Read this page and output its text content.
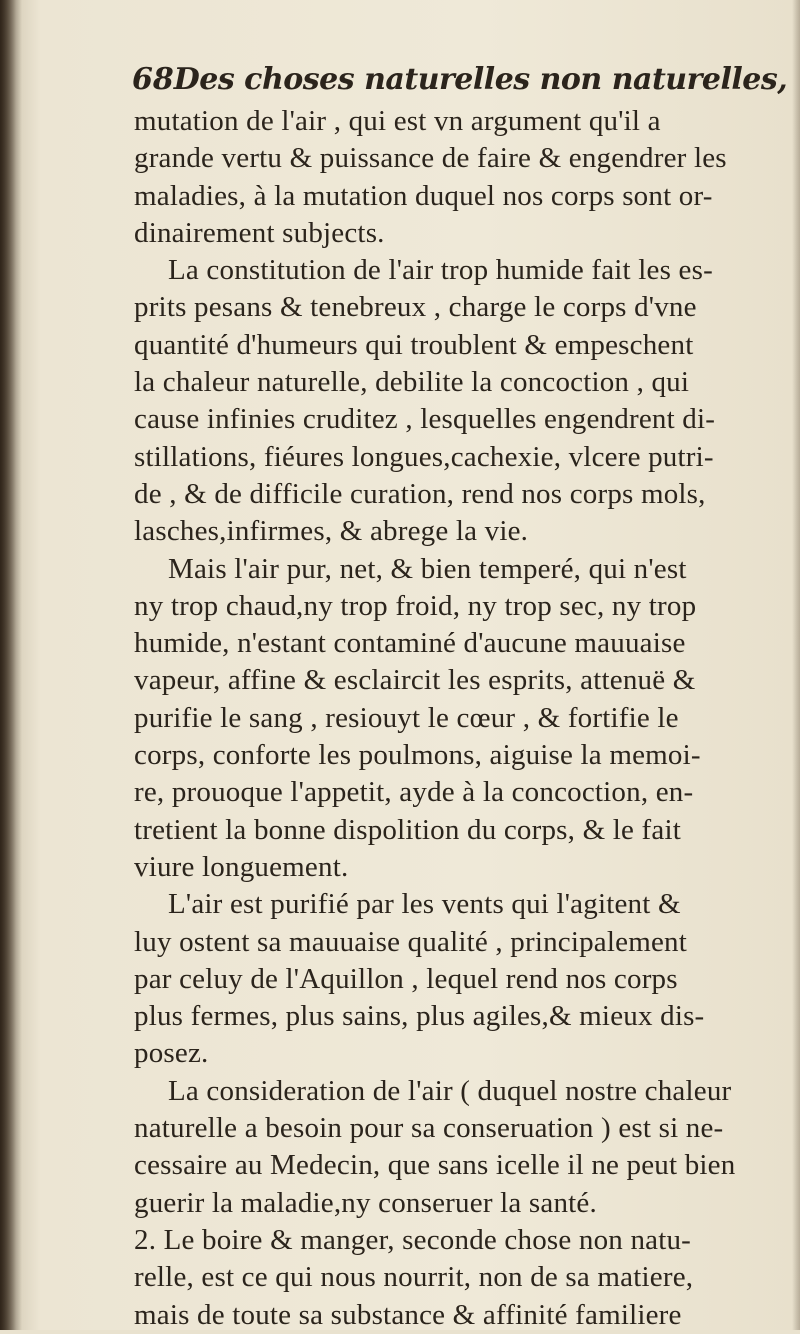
68 Des choses naturelles non naturelles,
mutation de l'air , qui est vn argument qu'il a
grande vertu & puissance de faire & engendrer les
maladies, à la mutation duquel nos corps sont or-
dinairement subjects.
La constitution de l'air trop humide fait les es-
prits pesans & tenebreux , charge le corps d'vne
quantité d'humeurs qui troublent & empeschent
la chaleur naturelle, debilite la concoction , qui
cause infinies cruditez , lesquelles engendrent di-
stillations, fiéures longues,cachexie, vlcere putri-
de , & de difficile curation, rend nos corps mols,
lasches,infirmes, & abrege la vie.
Mais l'air pur, net, & bien temperé, qui n'est
ny trop chaud,ny trop froid, ny trop sec, ny trop
humide, n'estant contaminé d'aucune mauuaise
vapeur, affine & esclaircit les esprits, attenuë &
purifie le sang , resiouyt le cœur , & fortifie le
corps, conforte les poulmons, aiguise la memoi-
re, prouoque l'appetit, ayde à la concoction, en-
tretient la bonne dispolition du corps, & le fait
viure longuement.
L'air est purifié par les vents qui l'agitent &
luy ostent sa mauuaise qualité , principalement
par celuy de l'Aquillon , lequel rend nos corps
plus fermes, plus sains, plus agiles,& mieux dis-
posez.
La consideration de l'air ( duquel nostre chaleur
naturelle a besoin pour sa conseruation ) est si ne-
cessaire au Medecin, que sans icelle il ne peut bien
guerir la maladie,ny conseruer la santé.
2. Le boire & manger, seconde chose non natu-
relle, est ce qui nous nourrit, non de sa matiere,
mais de toute sa substance & affinité familiere
